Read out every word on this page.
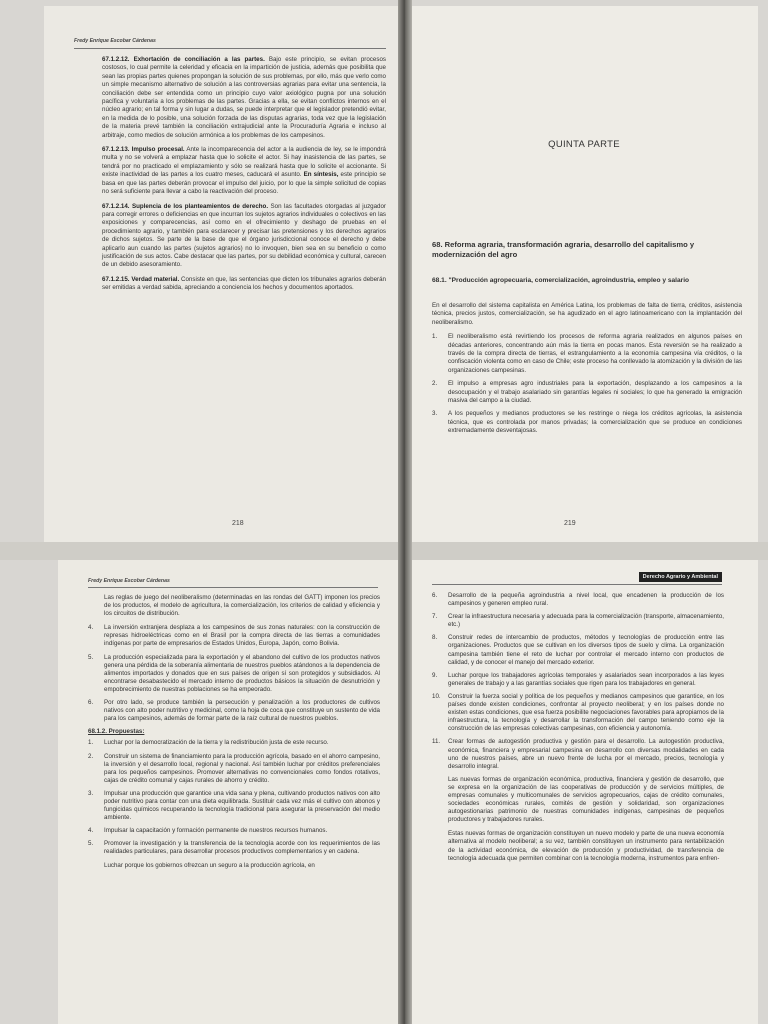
Fredy Enrique Escobar Cárdenas

67.1.2.12. Exhortación de conciliación a las partes. Bajo este principio, se evitan procesos costosos, lo cual permite la celeridad y eficacia en la impartición de justicia, además que posibilita que sean las propias partes quienes propongan la solución de sus problemas, por ello, más que verlo como un simple mecanismo alternativo de solución a las controversias agrarias para evitar una sentencia, la conciliación debe ser entendida como un principio cuyo valor axiológico pugna por una solución pacífica y voluntaria a los problemas de las partes. Gracias a ella, se evitan conflictos internos en el núcleo agrario; en tal forma y sin lugar a dudas, se puede interpretar que el legislador pretendió evitar, en la medida de lo posible, una solución forzada de las disputas agrarias, toda vez que la legislación de la materia prevé también la conciliación extrajudicial ante la Procuraduría Agraria e incluso al arbitraje, como medios de solución armónica a los problemas de los campesinos.

67.1.2.13. Impulso procesal. Ante la incomparecencia del actor a la audiencia de ley, se le impondrá multa y no se volverá a emplazar hasta que lo solicite el actor. Si hay inasistencia de las partes, se tendrá por no practicado el emplazamiento y sólo se realizará hasta que lo solicite el accionante. Si existe inactividad de las partes a los cuatro meses, caducará el asunto. En síntesis, este principio se basa en que las partes deberán provocar el impulso del juicio, por lo que la simple solicitud de copias no será suficiente para llevar a cabo la reactivación del proceso.

67.1.2.14. Suplencia de los planteamientos de derecho. Son las facultades otorgadas al juzgador para corregir errores o deficiencias en que incurran los sujetos agrarios individuales o colectivos en las exposiciones y comparecencias, así como en el ofrecimiento y deshago de pruebas en el procedimiento agrario, y también para esclarecer y precisar las pretensiones y los derechos agrarios de dichos sujetos. Se parte de la base de que el órgano jurisdiccional conoce el derecho y debe aplicarlo aun cuando las partes (sujetos agrarios) no lo invoquen, bien sea en su beneficio o como justificación de sus actos. Cabe destacar que las partes, por su debilidad económica y cultural, carecen de un debido asesoramiento.

67.1.2.15. Verdad material. Consiste en que, las sentencias que dicten los tribunales agrarios deberán ser emitidas a verdad sabida, apreciando a conciencia los hechos y documentos aportados.

218
QUINTA PARTE
68. Reforma agraria, transformación agraria, desarrollo del capitalismo y modernización del agro
68.1. "Producción agropecuaria, comercialización, agroindustria, empleo y salario

En el desarrollo del sistema capitalista en América Latina, los problemas de falta de tierra, créditos, asistencia técnica, precios justos, comercialización, se ha agudizado en el agro latinoamericano con la implantación del neoliberalismo.

1. El neoliberalismo está revirtiendo los procesos de reforma agraria realizados en algunos países en décadas anteriores, concentrando aún más la tierra en pocas manos. Esta reversión se ha realizado a través de la compra directa de tierras, el estrangulamiento a la economía campesina vía créditos, o la confiscación violenta como en caso de Chile; este proceso ha conllevado la atomización y la división de las organizaciones campesinas.
2. El impulso a empresas agro industriales para la exportación, desplazando a los campesinos a la desocupación y el trabajo asalariado sin garantías legales ni sociales; lo que ha generado la emigración masiva del campo a la ciudad.
3. A los pequeños y medianos productores se les restringe o niega los créditos agrícolas, la asistencia técnica, que es controlada por manos privadas; la comercialización que se produce en condiciones extremadamente desventajosas.
219
Fredy Enrique Escobar Cárdenas

Las reglas de juego del neoliberalismo (determinadas en las rondas del GATT) imponen los precios de los productos, el modelo de agricultura, la comercialización, los criterios de calidad y eficiencia y los circuitos de distribución.

4. La inversión extranjera desplaza a los campesinos de sus zonas naturales: con la construcción de represas hidroeléctricas como en el Brasil por la compra directa de las tierras a comunidades indígenas por parte de empresarios de Estados Unidos, Europa, Japón, como Bolivia.
5. La producción especializada para la exportación y el abandono del cultivo de los productos nativos genera una pérdida de la soberanía alimentaria de nuestros pueblos atándonos a la dependencia de alimentos importados y donados que en sus países de origen sí son protegidos y subsidiados. Al encontrarse desabastecido el mercado interno de productos básicos la situación de desnutrición y empobrecimiento de nuestras poblaciones se ha empeorado.
6. Por otro lado, se produce también la persecución y penalización a los productores de cultivos nativos con alto poder nutritivo y medicinal, como la hoja de coca que constituye un sustento de vida para los campesinos, además de formar parte de la raíz cultural de nuestros pueblos.

68.1.2. Propuestas:

1. Luchar por la democratización de la tierra y la redistribución justa de este recurso.
2. Construir un sistema de financiamiento para la producción agrícola, basado en el ahorro campesino, la inversión y el desarrollo local, regional y nacional. Así también luchar por créditos preferenciales para los pequeños campesinos. Promover alternativas no convencionales como fondos rotativos, cajas de crédito comunal y cajas rurales de ahorro y crédito.
3. Impulsar una producción que garantice una vida sana y plena, cultivando productos nativos con alto poder nutritivo para contar con una dieta equilibrada. Sustituir cada vez más el cultivo con abonos y fungicidas químicos recuperando la tecnología tradicional para asegurar la preservación del medio ambiente.
4. Impulsar la capacitación y formación permanente de nuestros recursos humanos.
5. Promover la investigación y la transferencia de la tecnología acorde con los requerimientos de las realidades particulares, para desarrollar procesos productivos complementarios y en cadena.
Luchar porque los gobiernos ofrezcan un seguro a la producción agrícola, en
Derecho Agrario y Ambiental
6. Desarrollo de la pequeña agroindustria a nivel local, que encadenen la producción de los campesinos y generen empleo rural.
7. Crear la infraestructura necesaria y adecuada para la comercialización (transporte, almacenamiento, etc.)
8. Construir redes de intercambio de productos, métodos y tecnologías de producción entre las organizaciones. Productos que se cultivan en los diversos tipos de suelo y clima. La organización campesina también tiene el reto de luchar por controlar el mercado interno con productos de calidad, y de conocer el manejo del mercado exterior.
9. Luchar porque los trabajadores agrícolas temporales y asalariados sean incorporados a las leyes generales de trabajo y a las garantías sociales que rigen para los trabajadores en general.
10. Construir la fuerza social y política de los pequeños y medianos campesinos que garantice, en los países donde existen condiciones, confrontar al proyecto neoliberal; y en los países donde no existen estas condiciones, que esa fuerza posibilite negociaciones favorables para apropiarnos de la infraestructura, la tecnología y desarrollar la transformación del campo teniendo como eje la construcción de las empresas colectivas campesinas, con eficiencia y autonomía.
11. Crear formas de autogestión productiva y gestión para el desarrollo. La autogestión productiva, económica, financiera y empresarial campesina en desarrollo con diversas modalidades en cada uno de nuestros países, abre un nuevo frente de lucha por el mercado, precios, tecnología y desarrollo integral.

Las nuevas formas de organización económica, productiva, financiera y gestión de desarrollo, que se expresa en la organización de las cooperativas de producción y de servicios múltiples, de empresas comunales y multicomunales de servicios agropecuarios, cajas de crédito comunales, sociedades económicas rurales, comités de gestión y solidaridad, son organizaciones autogestionarias patrimonio de nuestras comunidades indígenas, campesinas de pequeños productores y trabajadores rurales.

Estas nuevas formas de organización constituyen un nuevo modelo y parte de una nueva economía alternativa al modelo neoliberal; a su vez, también constituyen un instrumento para rentabilización de la actividad económica, de elevación de producción y productividad, de transferencia de tecnología adecuada que permiten combinar con la tecnología moderna, instrumentos para enfren-
